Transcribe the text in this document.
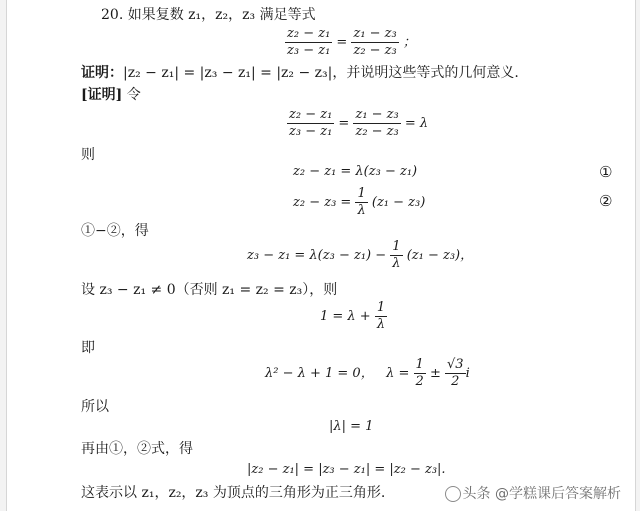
20. 如果复数 z₁，z₂，z₃ 满足等式
$\frac{\text{z₂ − z₁}}{\text{z₃ − z₁}} = \frac{\text{z₁ − z₃}}{\text{z₂ − z₃}}$ ；
证明：|z₂ − z₁| = |z₃ − z₁| = |z₂ − z₃|，并说明这些等式的几何意义.
[证明] 令
$\frac{\text{z₂ − z₁}}{\text{z₃ − z₁}} = \frac{\text{z₁ − z₃}}{\text{z₂ − z₃}} = \lambda$
则
z₂ − z₁ = λ(z₃ − z₁)	①
$z_2 - z_3 = \frac{1}{\lambda} (z_1 - z_3)$	②
①−②，得
$z_3 - z_1 = \lambda(z_3 - z_1) - \frac{1}{\lambda} (z_1 - z_3)$，
设 z₃ − z₁ ≠ 0（否则 z₁ = z₂ = z₃），则
$1 = \lambda + \frac{1}{\lambda}$
即
λ² − λ + 1 = 0， $\lambda = \frac{1}{2} \pm \frac{√3}{2}$ i
所以
|λ| = 1
再由①，②式，得
|z₂ − z₁| = |z₃ − z₁| = |z₂ − z₃|.
这表示以 z₁，z₂，z₃ 为顶点的三角形为正三角形.	头条 @学糕课后答案解析
